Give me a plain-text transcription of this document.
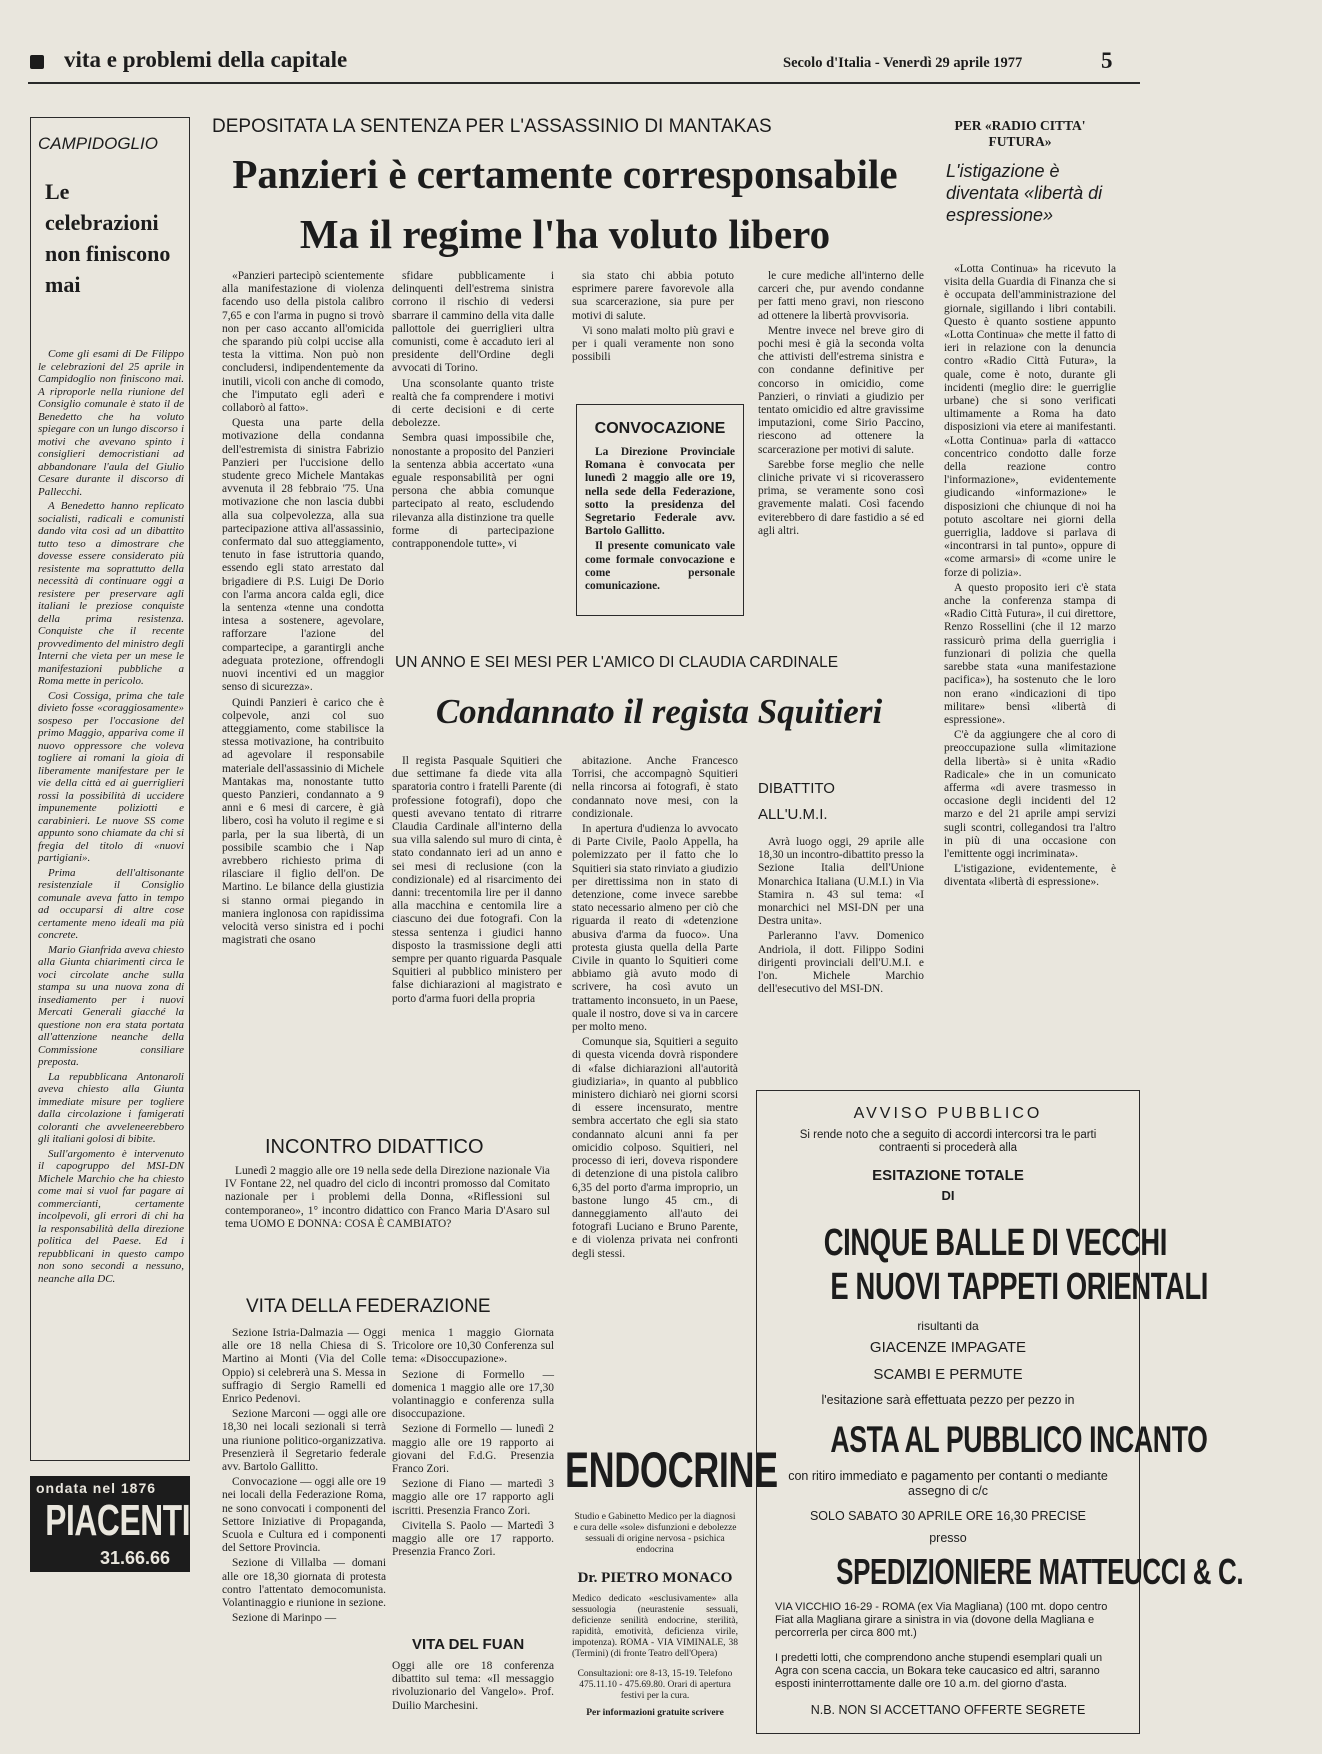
vita e problemi della capitale	Secolo d'Italia - Venerdì 29 aprile 1977	5
CAMPIDOGLIO
Le celebrazioni non finiscono mai

Come gli esami di De Filippo le celebrazioni del 25 aprile in Campidoglio non finiscono mai. A riproporle nella riunione del Consiglio comunale è stato il de Benedetto che ha voluto spiegare con un lungo discorso i motivi che avevano spinto i consiglieri democristiani ad abbandonare l'aula del Giulio Cesare durante il discorso di Pallecchi.

A Benedetto hanno replicato socialisti, radicali e comunisti dando vita così ad un dibattito tutto teso a dimostrare che dovesse essere considerato più resistente ma soprattutto della necessità di continuare oggi a resistere per preservare agli italiani le preziose conquiste della prima resistenza. Conquiste che il recente provvedimento del ministro degli Interni che vieta per un mese le manifestazioni pubbliche a Roma mette in pericolo.

Così Cossiga, prima che tale divieto fosse «coraggiosamente» sospeso per l'occasione del primo Maggio, appariva come il nuovo oppressore che voleva togliere ai romani la gioia di liberamente manifestare per le vie della città ed ai guerriglieri rossi la possibilità di uccidere impunemente poliziotti e carabinieri. Le nuove SS come appunto sono chiamate da chi si fregia del titolo di «nuovi partigiani».

Prima dell'altisonante resistenziale il Consiglio comunale aveva fatto in tempo ad occuparsi di altre cose certamente meno ideali ma più concrete.

Mario Gianfrida aveva chiesto alla Giunta chiarimenti circa le voci circolate anche sulla stampa su una nuova zona di insediamento per i nuovi Mercati Generali giacché la questione non era stata portata all'attenzione neanche della Commissione consiliare preposta.

La repubblicana Antonaroli aveva chiesto alla Giunta immediate misure per togliere dalla circolazione i famigerati coloranti che avveleneerebbero gli italiani golosi di bibite.

Sull'argomento è intervenuto il capogruppo del MSI-DN Michele Marchio che ha chiesto come mai si vuol far pagare ai commercianti, certamente incolpevoli, gli errori di chi ha la responsabilità della direzione politica del Paese. Ed i repubblicani in questo campo non sono secondi a nessuno, neanche alla DC.

ondata nel 1876
PIACENTI
31.66.66
DEPOSITATA LA SENTENZA PER L'ASSASSINIO DI MANTAKAS
Panzieri è certamente corresponsabile
Ma il regime l'ha voluto libero

«Panzieri partecipò scientemente alla manifestazione di violenza facendo uso della pistola calibro 7,65 e con l'arma in pugno si trovò non per caso accanto all'omicida che sparando più colpi uccise alla testa la vittima. Non può non concludersi, indipendentemente da inutili, vicoli con anche di comodo, che l'imputato egli aderì e collaborò al fatto».

Questa una parte della motivazione della condanna dell'estremista di sinistra Fabrizio Panzieri per l'uccisione dello studente greco Michele Mantakas avvenuta il 28 febbraio '75. Una motivazione che non lascia dubbi alla sua colpevolezza, alla sua partecipazione attiva all'assassinio, confermato dal suo atteggiamento, tenuto in fase istruttoria quando, essendo egli stato arrestato dal brigadiere di P.S. Luigi De Dorio con l'arma ancora calda egli, dice la sentenza «tenne una condotta intesa a sostenere, agevolare, rafforzare l'azione del compartecipe, a garantirgli anche adeguata protezione, offrendogli nuovi incentivi ed un maggior senso di sicurezza».

Quindi Panzieri è carico che è colpevole, anzi col suo atteggiamento, come stabilisce la stessa motivazione, ha contribuito ad agevolare il responsabile materiale dell'assassinio di Michele Mantakas ma, nonostante tutto questo Panzieri, condannato a 9 anni e 6 mesi di carcere, è già libero, così ha voluto il regime e si parla, per la sua libertà, di un possibile scambio che i Nap avrebbero richiesto prima di rilasciare il figlio dell'on. De Martino. Le bilance della giustizia si stanno ormai piegando in maniera inglonosa con rapidissima velocità verso sinistra ed i pochi magistrati che osano

sfidare pubblicamente i delinquenti dell'estrema sinistra corrono il rischio di vedersi sbarrare il cammino della vita dalle pallottole dei guerriglieri ultra comunisti, come è accaduto ieri al presidente dell'Ordine degli avvocati di Torino.

Una sconsolante quanto triste realtà che fa comprendere i motivi di certe decisioni e di certe debolezze.

Sembra quasi impossibile che, nonostante a proposito del Panzieri la sentenza abbia accertato «una eguale responsabilità per ogni persona che abbia comunque partecipato al reato, escludendo rilevanza alla distinzione tra quelle forme di partecipazione contrapponendole tutte», vi

sia stato chi abbia potuto esprimere parere favorevole alla sua scarcerazione, sia pure per motivi di salute.

Vi sono malati molto più gravi e per i quali veramente non sono possibili

le cure mediche all'interno delle carceri che, pur avendo condanne per fatti meno gravi, non riescono ad ottenere la libertà provvisoria.

Mentre invece nel breve giro di pochi mesi è già la seconda volta che attivisti dell'estrema sinistra e con condanne definitive per concorso in omicidio, come Panzieri, o rinviati a giudizio per tentato omicidio ed altre gravissime imputazioni, come Sirio Paccino, riescono ad ottenere la scarcerazione per motivi di salute.

Sarebbe forse meglio che nelle cliniche private vi si ricoverassero prima, se veramente sono così gravemente malati. Così facendo eviterebbero di dare fastidio a sé ed agli altri.

CONVOCAZIONE

La Direzione Provinciale Romana è convocata per lunedì 2 maggio alle ore 19, nella sede della Federazione, sotto la presidenza del Segretario Federale avv. Bartolo Gallitto.

Il presente comunicato vale come formale convocazione e come personale comunicazione.

PER «RADIO CITTA' FUTURA»
L'istigazione è diventata «libertà di espressione»

«Lotta Continua» ha ricevuto la visita della Guardia di Finanza che si è occupata dell'amministrazione del giornale, sigillando i libri contabili. Questo è quanto sostiene appunto «Lotta Continua» che mette il fatto di ieri in relazione con la denuncia contro «Radio Città Futura», la quale, come è noto, durante gli incidenti (meglio dire: le guerriglie urbane) che si sono verificati ultimamente a Roma ha dato disposizioni via etere ai manifestanti. «Lotta Continua» parla di «attacco concentrico condotto dalle forze della reazione contro l'informazione», evidentemente giudicando «informazione» le disposizioni che chiunque di noi ha potuto ascoltare nei giorni della guerriglia, laddove si parlava di «incontrarsi in tal punto», oppure di «come armarsi» di «come unire le forze di polizia».

A questo proposito ieri c'è stata anche la conferenza stampa di «Radio Città Futura», il cui direttore, Renzo Rossellini (che il 12 marzo rassicurò prima della guerriglia i funzionari di polizia che quella sarebbe stata «una manifestazione pacifica»), ha sostenuto che le loro non erano «indicazioni di tipo militare» bensì «libertà di espressione».

C'è da aggiungere che al coro di preoccupazione sulla «limitazione della libertà» si è unita «Radio Radicale» che in un comunicato afferma «di avere trasmesso in occasione degli incidenti del 12 marzo e del 21 aprile ampi servizi sugli scontri, collegandosi tra l'altro in più di una occasione con l'emittente oggi incriminata».

L'istigazione, evidentemente, è diventata «libertà di espressione».

UN ANNO E SEI MESI PER L'AMICO DI CLAUDIA CARDINALE
Condannato il regista Squitieri

Il regista Pasquale Squitieri che due settimane fa diede vita alla sparatoria contro i fratelli Parente (di professione fotografi), dopo che questi avevano tentato di ritrarre Claudia Cardinale all'interno della sua villa salendo sul muro di cinta, è stato condannato ieri ad un anno e sei mesi di reclusione (con la condizionale) ed al risarcimento dei danni: trecentomila lire per il danno alla macchina e centomila lire a ciascuno dei due fotografi. Con la stessa sentenza i giudici hanno disposto la trasmissione degli atti sempre per quanto riguarda Pasquale Squitieri al pubblico ministero per false dichiarazioni al magistrato e porto d'arma fuori della propria

abitazione. Anche Francesco Torrisi, che accompagnò Squitieri nella rincorsa ai fotografi, è stato condannato nove mesi, con la condizionale.

In apertura d'udienza lo avvocato di Parte Civile, Paolo Appella, ha polemizzato per il fatto che lo Squitieri sia stato rinviato a giudizio per direttissima non in stato di detenzione, come invece sarebbe stato necessario almeno per ciò che riguarda il reato di «detenzione abusiva d'arma da fuoco». Una protesta giusta quella della Parte Civile in quanto lo Squitieri come abbiamo già avuto modo di scrivere, ha così avuto un trattamento inconsueto, in un Paese, quale il nostro, dove si va in carcere per molto meno.

Comunque sia, Squitieri a seguito di questa vicenda dovrà rispondere di «false dichiarazioni all'autorità giudiziaria», in quanto al pubblico ministero dichiarò nei giorni scorsi di essere incensurato, mentre sembra accertato che egli sia stato condannato alcuni anni fa per omicidio colposo. Squitieri, nel processo di ieri, doveva rispondere di detenzione di una pistola calibro 6,35 del porto d'arma improprio, un bastone lungo 45 cm., di danneggiamento all'auto dei fotografi Luciano e Bruno Parente, e di violenza privata nei confronti degli stessi.

DIBATTITO
ALL'U.M.I.

Avrà luogo oggi, 29 aprile alle 18,30 un incontro-dibattito presso la Sezione Italia dell'Unione Monarchica Italiana (U.M.I.) in Via Stamira n. 43 sul tema: «I monarchici nel MSI-DN per una Destra unita».

Parleranno l'avv. Domenico Andriola, il dott. Filippo Sodini dirigenti provinciali dell'U.M.I. e l'on. Michele Marchio dell'esecutivo del MSI-DN.

INCONTRO DIDATTICO
Lunedì 2 maggio alle ore 19 nella sede della Direzione nazionale Via IV Fontane 22, nel quadro del ciclo di incontri promosso dal Comitato nazionale per i problemi della Donna, «Riflessioni sul contemporaneo», 1° incontro didattico con Franco Maria D'Asaro sul tema UOMO E DONNA: COSA È CAMBIATO?
VITA DELLA FEDERAZIONE

Sezione Istria-Dalmazia — Oggi alle ore 18 nella Chiesa di S. Martino ai Monti (Via del Colle Oppio) si celebrerà una S. Messa in suffragio di Sergio Ramelli ed Enrico Pedenovi.

Sezione Marconi — oggi alle ore 18,30 nei locali sezionali si terrà una riunione politico-organizzativa. Presenzierà il Segretario federale avv. Bartolo Gallitto.

Convocazione — oggi alle ore 19 nei locali della Federazione Roma, ne sono convocati i componenti del Settore Iniziative di Propaganda, Scuola e Cultura ed i componenti del Settore Provincia.

Sezione di Villalba — domani alle ore 18,30 giornata di protesta contro l'attentato democomunista. Volantinaggio e riunione in sezione.

Sezione di Marinpo —

menica 1 maggio Giornata Tricolore ore 10,30 Conferenza sul tema: «Disoccupazione».

Sezione di Formello — domenica 1 maggio alle ore 17,30 volantinaggio e conferenza sulla disoccupazione.

Sezione di Formello — lunedì 2 maggio alle ore 19 rapporto ai giovani del F.d.G. Presenzia Franco Zori.

Sezione di Fiano — martedì 3 maggio alle ore 17 rapporto agli iscritti. Presenzia Franco Zori.

Civitella S. Paolo — Martedì 3 maggio alle ore 17 rapporto. Presenzia Franco Zori.

VITA DEL FUAN
Oggi alle ore 18 conferenza dibattito sul tema: «Il messaggio rivoluzionario del Vangelo». Prof. Duilio Marchesini.
ENDOCRINE
Studio e Gabinetto Medico per la diagnosi e cura delle «sole» disfunzioni e debolezze sessuali di origine nervosa - psichica endocrina
Dr. PIETRO MONACO
Medico dedicato «esclusivamente» alla sessuologia (neurastenie sessuali, deficienze senilità endocrine, sterilità, rapidità, emotività, deficienza virile, impotenza). ROMA - VIA VIMINALE, 38 (Termini) (di fronte Teatro dell'Opera)
Consultazioni: ore 8-13, 15-19. Telefono 475.11.10 - 475.69.80. Orari di apertura festivi per la cura.
Per informazioni gratuite scrivere
AVVISO PUBBLICO
Si rende noto che a seguito di accordi intercorsi tra le parti contraenti si procederà alla
ESITAZIONE TOTALE
DI
CINQUE BALLE DI VECCHI
E NUOVI TAPPETI ORIENTALI
risultanti da
GIACENZE IMPAGATE
SCAMBI E PERMUTE
l'esitazione sarà effettuata pezzo per pezzo in
ASTA AL PUBBLICO INCANTO
con ritiro immediato e pagamento per contanti o mediante assegno di c/c
SOLO SABATO 30 APRILE ORE 16,30 PRECISE
presso
SPEDIZIONIERE MATTEUCCI & C.
VIA VICCHIO 16-29 - ROMA (ex Via Magliana) (100 mt. dopo centro Fiat alla Magliana girare a sinistra in via (dovone della Magliana e percorrerla per circa 800 mt.)
I predetti lotti, che comprendono anche stupendi esemplari quali un Agra con scena caccia, un Bokara teke caucasico ed altri, saranno esposti ininterrottamente dalle ore 10 a.m. del giorno d'asta.
N.B. NON SI ACCETTANO OFFERTE SEGRETE
